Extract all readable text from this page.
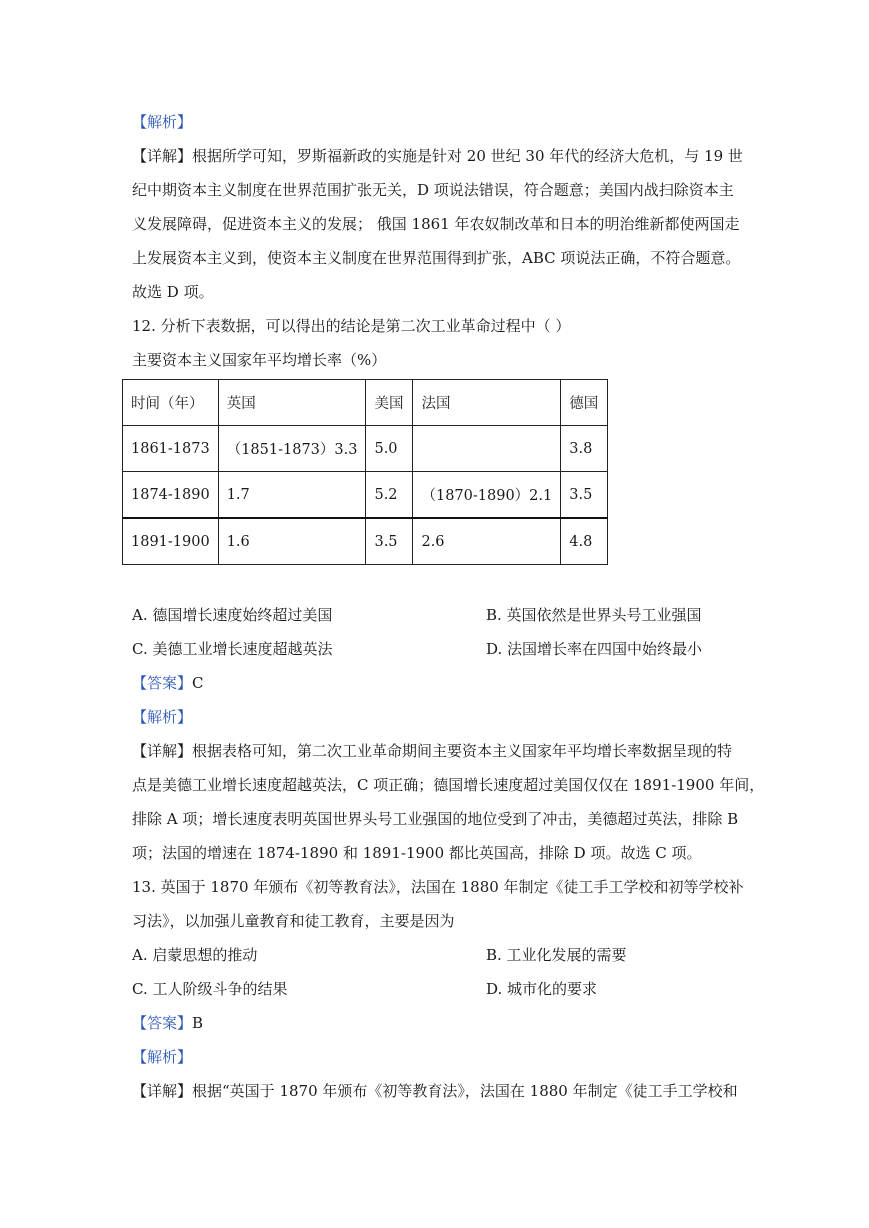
【解析】
【详解】根据所学可知，罗斯福新政的实施是针对 20 世纪 30 年代的经济大危机，与 19 世
纪中期资本主义制度在世界范围扩张无关，D 项说法错误，符合题意；美国内战扫除资本主
义发展障碍，促进资本主义的发展； 俄国 1861 年农奴制改革和日本的明治维新都使两国走
上发展资本主义到，使资本主义制度在世界范围得到扩张，ABC 项说法正确，不符合题意。
故选 D 项。
12. 分析下表数据，可以得出的结论是第二次工业革命过程中（ ）
主要资本主义国家年平均增长率（%）
时间（年）	英国	美国	法国	德国
1861-1873	（1851-1873）3.3	5.0		3.8
1874-1890	1.7	5.2	（1870-1890）2.1	3.5
1891-1900	1.6	3.5	2.6	4.8
A. 德国增长速度始终超过美国	B. 英国依然是世界头号工业强国
C. 美德工业增长速度超越英法	D. 法国增长率在四国中始终最小
【答案】C
【解析】
【详解】根据表格可知，第二次工业革命期间主要资本主义国家年平均增长率数据呈现的特
点是美德工业增长速度超越英法，C 项正确；德国增长速度超过美国仅仅在 1891-1900 年间，
排除 A 项；增长速度表明英国世界头号工业强国的地位受到了冲击，美德超过英法，排除 B
项；法国的增速在 1874-1890 和 1891-1900 都比英国高，排除 D 项。故选 C 项。
13. 英国于 1870 年颁布《初等教育法》，法国在 1880 年制定《徒工手工学校和初等学校补
习法》，以加强儿童教育和徒工教育，主要是因为
A. 启蒙思想的推动	B. 工业化发展的需要
C. 工人阶级斗争的结果	D. 城市化的要求
【答案】B
【解析】
【详解】根据“英国于 1870 年颁布《初等教育法》，法国在 1880 年制定《徒工手工学校和
